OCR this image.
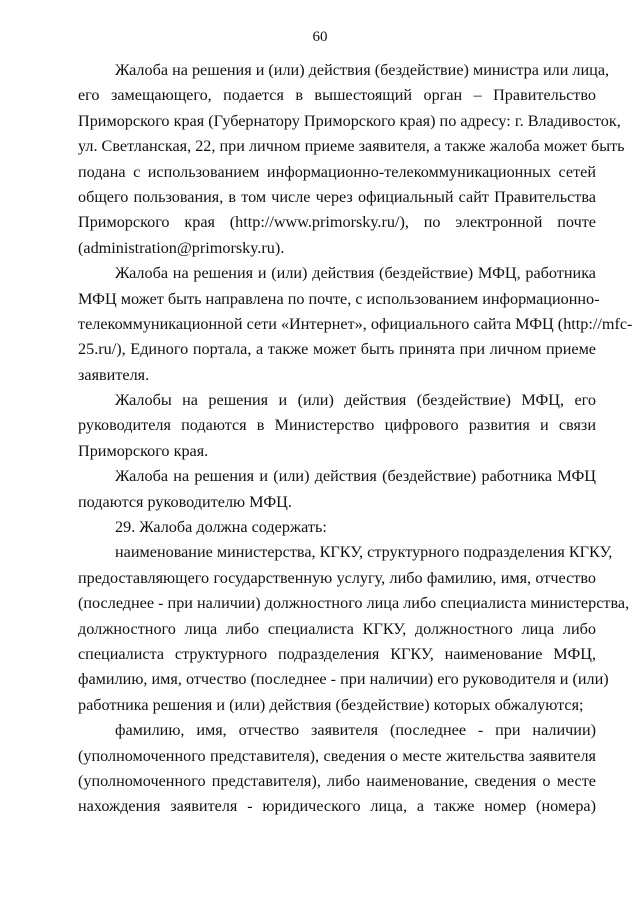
60
Жалоба на решения и (или) действия (бездействие) министра или лица,
его замещающего, подается в вышестоящий орган – Правительство
Приморского края (Губернатору Приморского края) по адресу: г. Владивосток,
ул. Светланская, 22, при личном приеме заявителя, а также жалоба может быть
подана с использованием информационно-телекоммуникационных сетей
общего пользования, в том числе через официальный сайт Правительства
Приморского края (http://www.primorsky.ru/), по электронной почте
(administration@primorsky.ru).
Жалоба на решения и (или) действия (бездействие) МФЦ, работника
МФЦ может быть направлена по почте, с использованием информационно-
телекоммуникационной сети «Интернет», официального сайта МФЦ (http://mfc-
25.ru/), Единого портала, а также может быть принята при личном приеме
заявителя.
Жалобы на решения и (или) действия (бездействие) МФЦ, его
руководителя подаются в Министерство цифрового развития и связи
Приморского края.
Жалоба на решения и (или) действия (бездействие) работника МФЦ
подаются руководителю МФЦ.
29. Жалоба должна содержать:
наименование министерства, КГКУ, структурного подразделения КГКУ,
предоставляющего государственную услугу, либо фамилию, имя, отчество
(последнее - при наличии) должностного лица либо специалиста министерства,
должностного лица либо специалиста КГКУ, должностного лица либо
специалиста структурного подразделения КГКУ, наименование МФЦ,
фамилию, имя, отчество (последнее - при наличии) его руководителя и (или)
работника решения и (или) действия (бездействие) которых обжалуются;
фамилию, имя, отчество заявителя (последнее - при наличии)
(уполномоченного представителя), сведения о месте жительства заявителя
(уполномоченного представителя), либо наименование, сведения о месте
нахождения заявителя - юридического лица, а также номер (номера)
